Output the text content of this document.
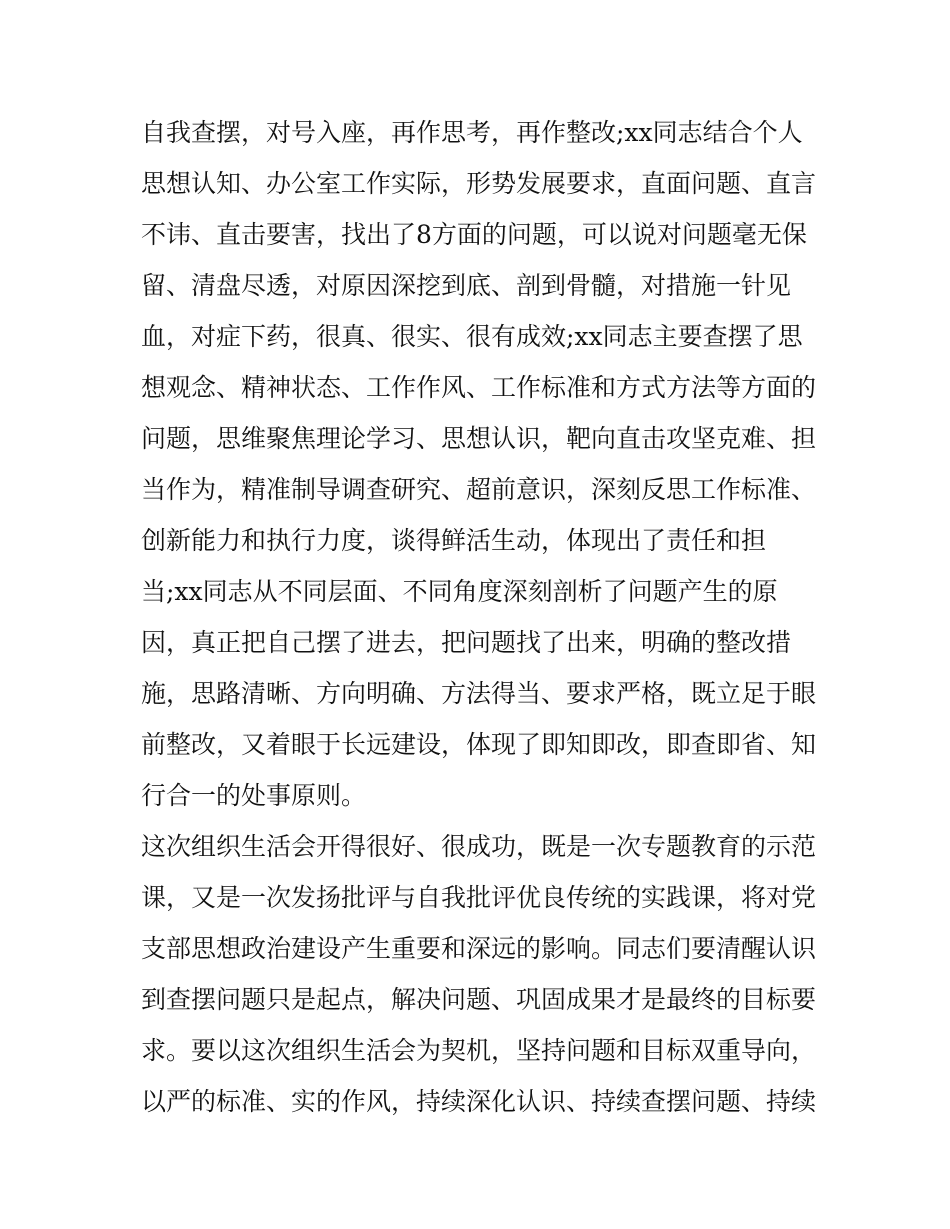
自我查摆，对号入座，再作思考，再作整改;xx同志结合个人
思想认知、办公室工作实际，形势发展要求，直面问题、直言
不讳、直击要害，找出了8方面的问题，可以说对问题毫无保
留、清盘尽透，对原因深挖到底、剖到骨髓，对措施一针见
血，对症下药，很真、很实、很有成效;xx同志主要查摆了思
想观念、精神状态、工作作风、工作标准和方式方法等方面的
问题，思维聚焦理论学习、思想认识，靶向直击攻坚克难、担
当作为，精准制导调查研究、超前意识，深刻反思工作标准、
创新能力和执行力度，谈得鲜活生动，体现出了责任和担
当;xx同志从不同层面、不同角度深刻剖析了问题产生的原
因，真正把自己摆了进去，把问题找了出来，明确的整改措
施，思路清晰、方向明确、方法得当、要求严格，既立足于眼
前整改，又着眼于长远建设，体现了即知即改，即查即省、知
行合一的处事原则。
这次组织生活会开得很好、很成功，既是一次专题教育的示范
课，又是一次发扬批评与自我批评优良传统的实践课，将对党
支部思想政治建设产生重要和深远的影响。同志们要清醒认识
到查摆问题只是起点，解决问题、巩固成果才是最终的目标要
求。要以这次组织生活会为契机，坚持问题和目标双重导向，
以严的标准、实的作风，持续深化认识、持续查摆问题、持续
